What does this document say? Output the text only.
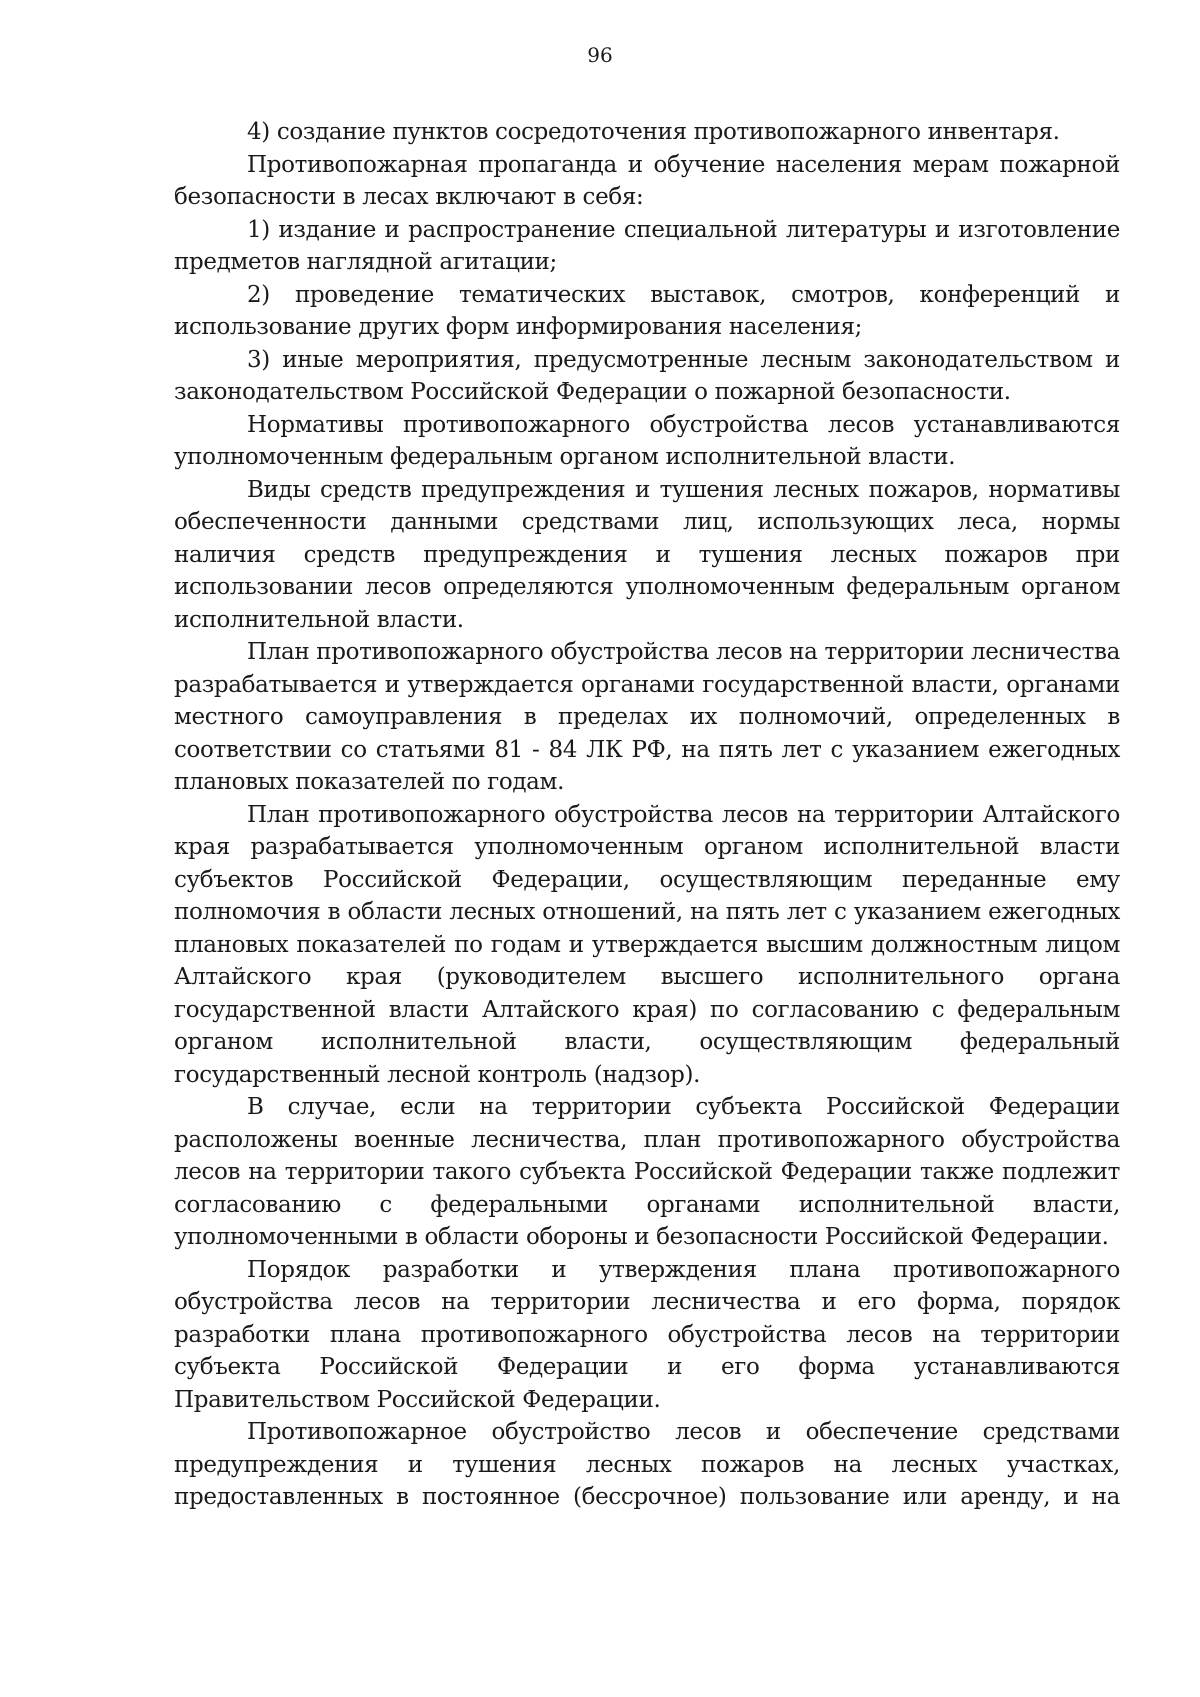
96

4) создание пунктов сосредоточения противопожарного инвентаря.

Противопожарная пропаганда и обучение населения мерам пожарной безопасности в лесах включают в себя:

1) издание и распространение специальной литературы и изготовление предметов наглядной агитации;

2) проведение тематических выставок, смотров, конференций и использование других форм информирования населения;

3) иные мероприятия, предусмотренные лесным законодательством и законодательством Российской Федерации о пожарной безопасности.

Нормативы противопожарного обустройства лесов устанавливаются уполномоченным федеральным органом исполнительной власти.

Виды средств предупреждения и тушения лесных пожаров, нормативы обеспеченности данными средствами лиц, использующих леса, нормы наличия средств предупреждения и тушения лесных пожаров при использовании лесов определяются уполномоченным федеральным органом исполнительной власти.

План противопожарного обустройства лесов на территории лесничества разрабатывается и утверждается органами государственной власти, органами местного самоуправления в пределах их полномочий, определенных в соответствии со статьями 81 - 84 ЛК РФ, на пять лет с указанием ежегодных плановых показателей по годам.

План противопожарного обустройства лесов на территории Алтайского края разрабатывается уполномоченным органом исполнительной власти субъектов Российской Федерации, осуществляющим переданные ему полномочия в области лесных отношений, на пять лет с указанием ежегодных плановых показателей по годам и утверждается высшим должностным лицом Алтайского края (руководителем высшего исполнительного органа государственной власти Алтайского края) по согласованию с федеральным органом исполнительной власти, осуществляющим федеральный государственный лесной контроль (надзор).

В случае, если на территории субъекта Российской Федерации расположены военные лесничества, план противопожарного обустройства лесов на территории такого субъекта Российской Федерации также подлежит согласованию с федеральными органами исполнительной власти, уполномоченными в области обороны и безопасности Российской Федерации.

Порядок разработки и утверждения плана противопожарного обустройства лесов на территории лесничества и его форма, порядок разработки плана противопожарного обустройства лесов на территории субъекта Российской Федерации и его форма устанавливаются Правительством Российской Федерации.

Противопожарное обустройство лесов и обеспечение средствами предупреждения и тушения лесных пожаров на лесных участках, предоставленных в постоянное (бессрочное) пользование или аренду, и на
